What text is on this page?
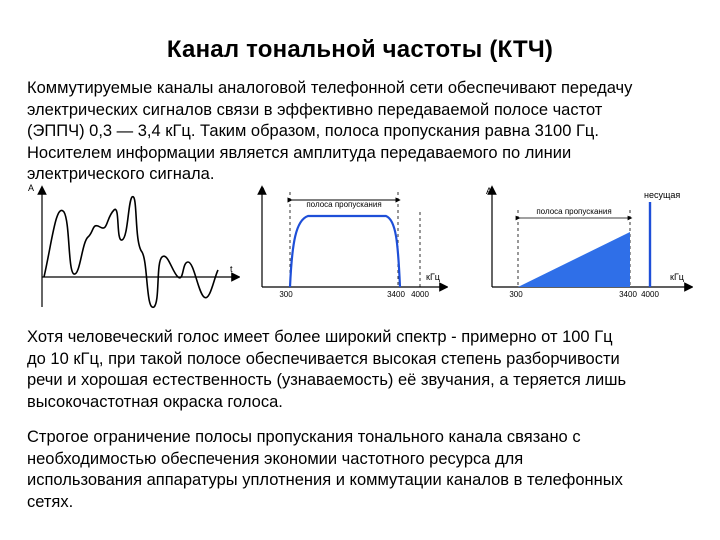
Канал тональной частоты (КТЧ)
Коммутируемые каналы аналоговой телефонной сети обеспечивают передачу
электрических сигналов связи в эффективно передаваемой полосе частот
(ЭППЧ) 0,3 — 3,4 кГц. Таким образом, полоса пропускания равна 3100 Гц.
Носителем информации является амплитуда передаваемого по линии
электрического сигнала.
A
t
A
кГц
полоса пропускания
300	3400 4000
A
кГц
несущая
полоса пропускания
300	3400 4000
Хотя человеческий голос имеет более широкий спектр - примерно от 100 Гц
до 10 кГц, при такой полосе обеспечивается высокая степень разборчивости
речи и хорошая естественность (узнаваемость) её звучания, а теряется лишь
высокочастотная окраска голоса.
Строгое ограничение полосы пропускания тонального канала связано с
необходимостью обеспечения экономии частотного ресурса для
использования аппаратуры уплотнения и коммутации каналов в телефонных
сетях.
